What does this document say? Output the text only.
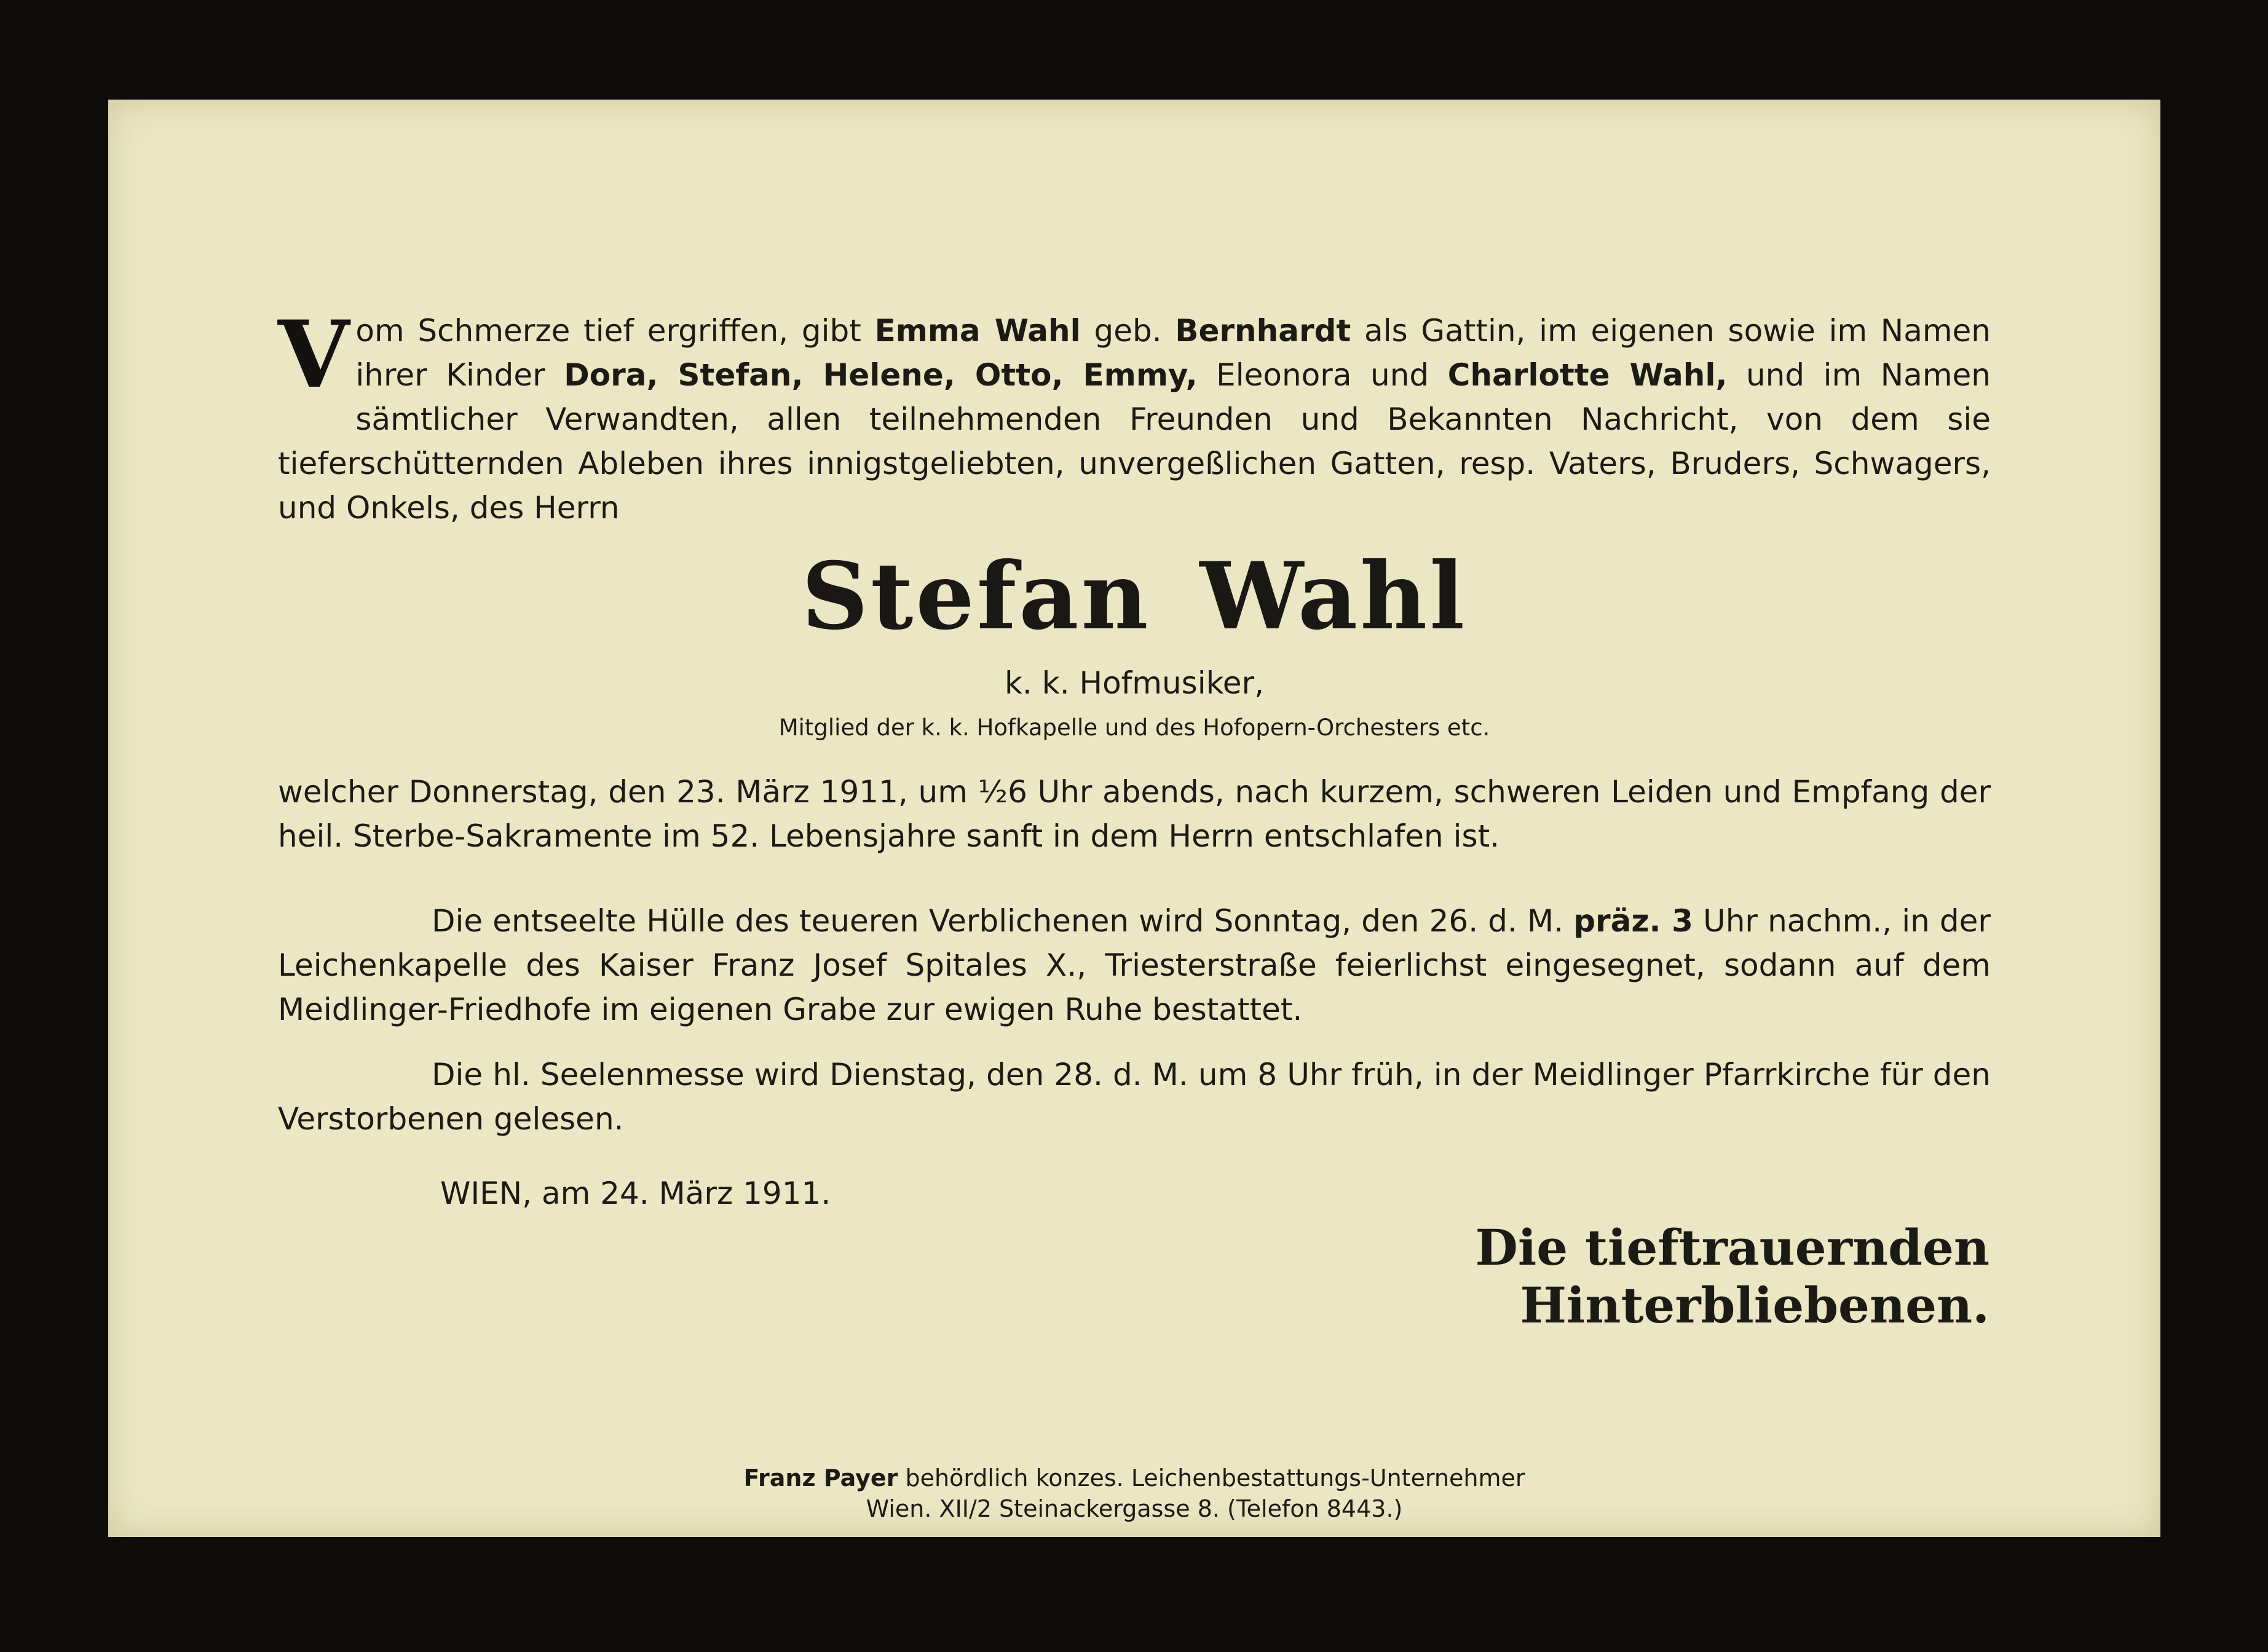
Vom Schmerze tief ergriffen, gibt Emma Wahl geb. Bernhardt als Gattin, im eigenen sowie im Namen ihrer Kinder Dora, Stefan, Helene, Otto, Emmy, Eleonora und Charlotte Wahl, und im Namen sämtlicher Verwandten, allen teilnehmenden Freunden und Bekannten Nachricht, von dem sie tieferschütternden Ableben ihres innigstgeliebten, unvergeßlichen Gatten, resp. Vaters, Bruders, Schwagers, und Onkels, des Herrn
Stefan Wahl
k. k. Hofmusiker,
Mitglied der k. k. Hofkapelle und des Hofopern-Orchesters etc.
welcher Donnerstag, den 23. März 1911, um ½6 Uhr abends, nach kurzem, schweren Leiden und Empfang der heil. Sterbe-Sakramente im 52. Lebensjahre sanft in dem Herrn entschlafen ist.
Die entseelte Hülle des teueren Verblichenen wird Sonntag, den 26. d. M. präz. 3 Uhr nachm., in der Leichenkapelle des Kaiser Franz Josef Spitales X., Triesterstraße feierlichst eingesegnet, sodann auf dem Meidlinger-Friedhofe im eigenen Grabe zur ewigen Ruhe bestattet.
Die hl. Seelenmesse wird Dienstag, den 28. d. M. um 8 Uhr früh, in der Meidlinger Pfarrkirche für den Verstorbenen gelesen.
WIEN, am 24. März 1911.
Die tieftrauernden Hinterbliebenen.
Franz Payer behördlich konzes. Leichenbestattungs-Unternehmer
Wien. XII/2 Steinackergasse 8. (Telefon 8443.)
